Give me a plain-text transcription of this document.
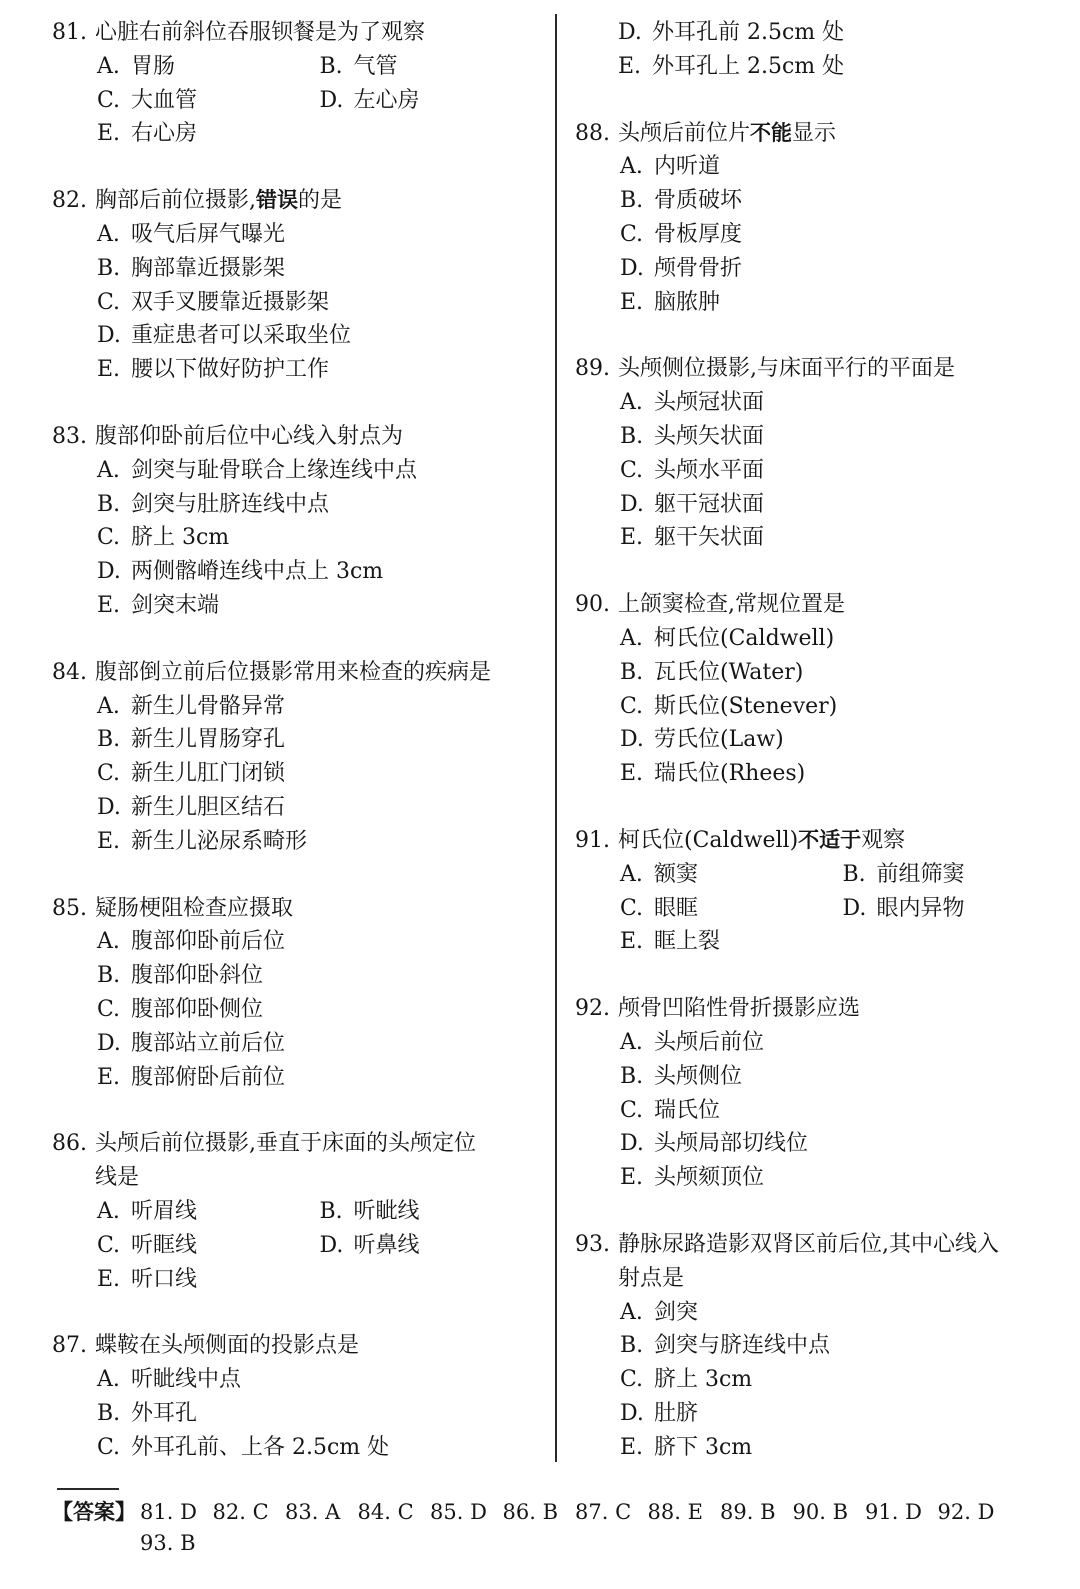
81. 心脏右前斜位吞服钡餐是为了观察
A. 胃肠	B. 气管
C. 大血管	D. 左心房
E. 右心房
82. 胸部后前位摄影,错误的是
A. 吸气后屏气曝光
B. 胸部靠近摄影架
C. 双手叉腰靠近摄影架
D. 重症患者可以采取坐位
E. 腰以下做好防护工作
83. 腹部仰卧前后位中心线入射点为
A. 剑突与耻骨联合上缘连线中点
B. 剑突与肚脐连线中点
C. 脐上 3cm
D. 两侧髂嵴连线中点上 3cm
E. 剑突末端
84. 腹部倒立前后位摄影常用来检查的疾病是
A. 新生儿骨骼异常
B. 新生儿胃肠穿孔
C. 新生儿肛门闭锁
D. 新生儿胆区结石
E. 新生儿泌尿系畸形
85. 疑肠梗阻检查应摄取
A. 腹部仰卧前后位
B. 腹部仰卧斜位
C. 腹部仰卧侧位
D. 腹部站立前后位
E. 腹部俯卧后前位
86. 头颅后前位摄影,垂直于床面的头颅定位
线是
A. 听眉线	B. 听眦线
C. 听眶线	D. 听鼻线
E. 听口线
87. 蝶鞍在头颅侧面的投影点是
A. 听眦线中点
B. 外耳孔
C. 外耳孔前、上各 2.5cm 处
D. 外耳孔前 2.5cm 处
E. 外耳孔上 2.5cm 处
88. 头颅后前位片不能显示
A. 内听道
B. 骨质破坏
C. 骨板厚度
D. 颅骨骨折
E. 脑脓肿
89. 头颅侧位摄影,与床面平行的平面是
A. 头颅冠状面
B. 头颅矢状面
C. 头颅水平面
D. 躯干冠状面
E. 躯干矢状面
90. 上颌窦检查,常规位置是
A. 柯氏位(Caldwell)
B. 瓦氏位(Water)
C. 斯氏位(Stenever)
D. 劳氏位(Law)
E. 瑞氏位(Rhees)
91. 柯氏位(Caldwell)不适于观察
A. 额窦	B. 前组筛窦
C. 眼眶	D. 眼内异物
E. 眶上裂
92. 颅骨凹陷性骨折摄影应选
A. 头颅后前位
B. 头颅侧位
C. 瑞氏位
D. 头颅局部切线位
E. 头颅颏顶位
93. 静脉尿路造影双肾区前后位,其中心线入
射点是
A. 剑突
B. 剑突与脐连线中点
C. 脐上 3cm
D. 肚脐
E. 脐下 3cm
【答案】 81. D 82. C 83. A 84. C 85. D 86. B 87. C 88. E 89. B 90. B 91. D 92. D
93. B
